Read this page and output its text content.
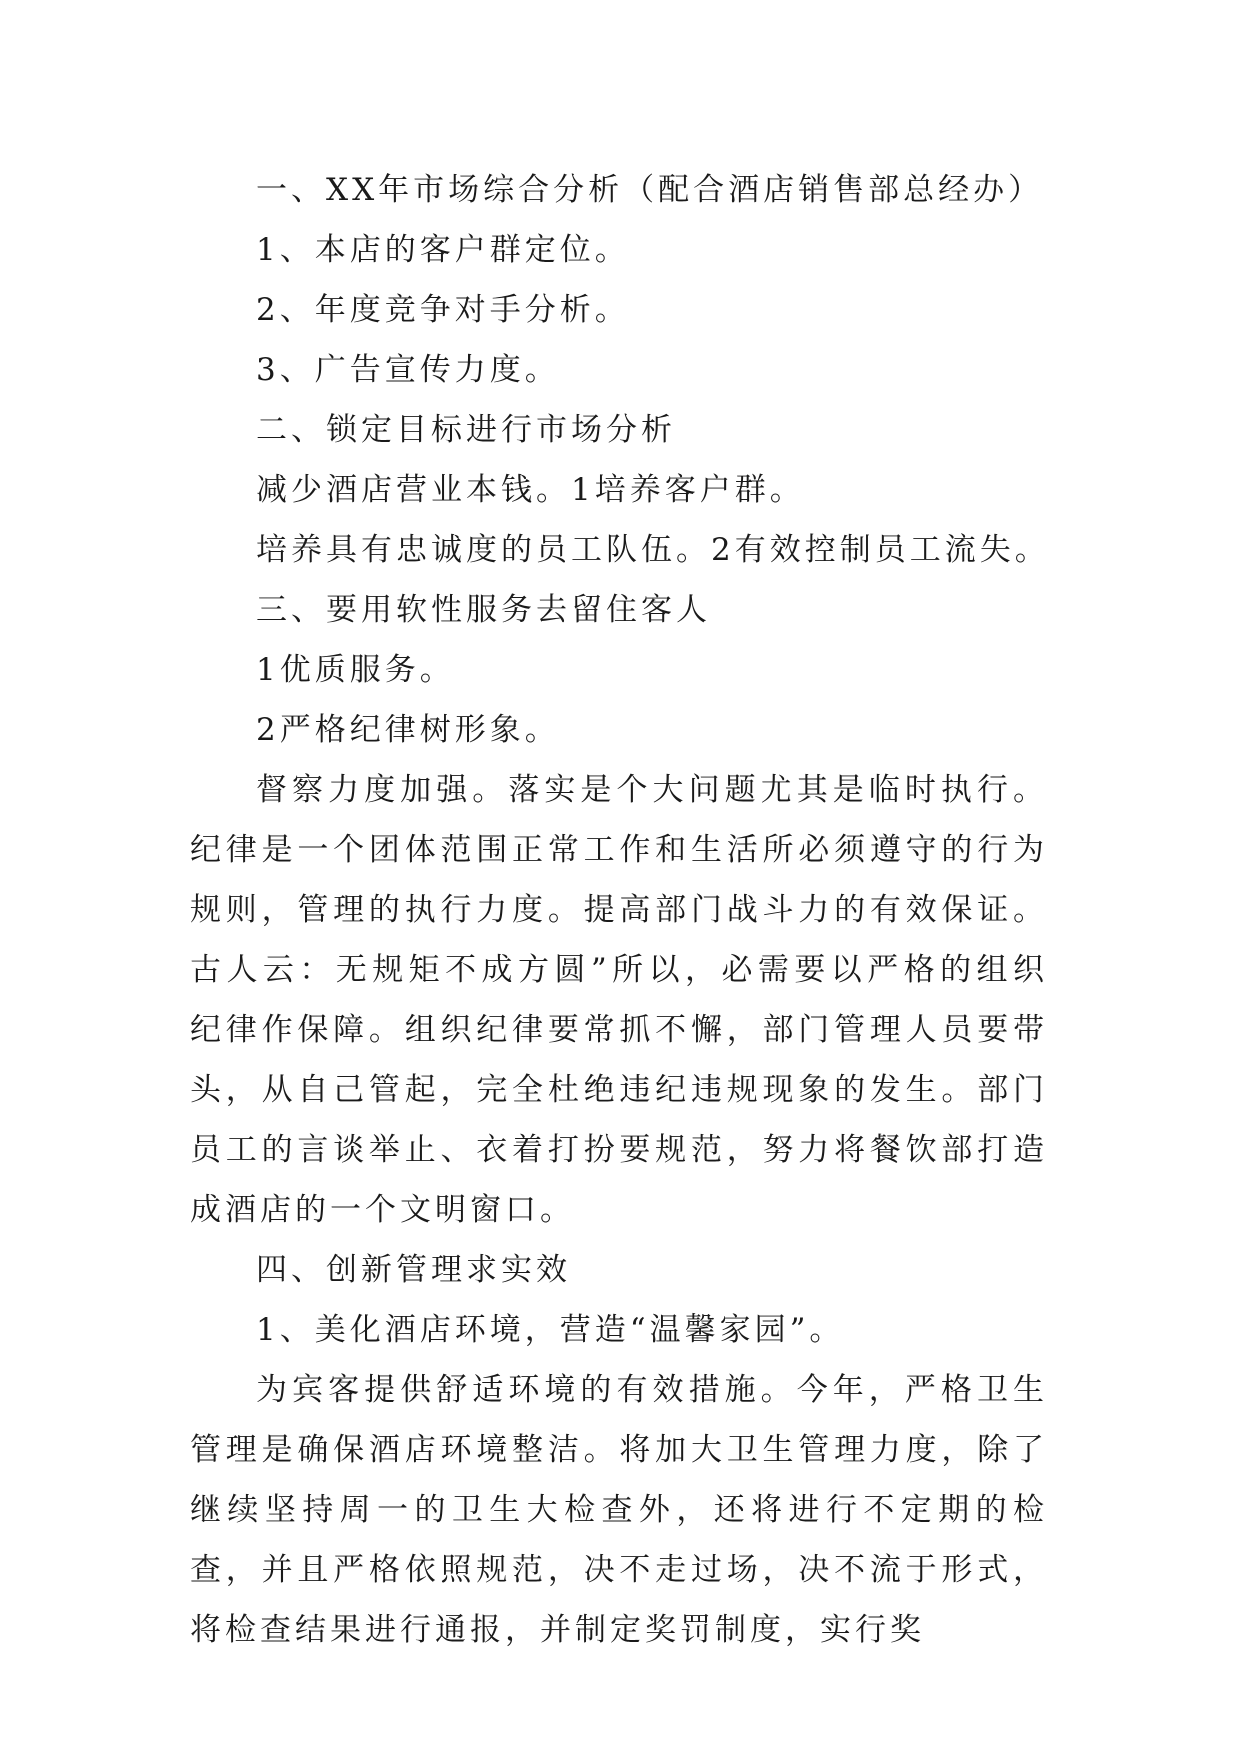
一、XX年市场综合分析（配合酒店销售部总经办）
1、本店的客户群定位。
2、年度竞争对手分析。
3、广告宣传力度。
二、锁定目标进行市场分析
减少酒店营业本钱。1培养客户群。
培养具有忠诚度的员工队伍。2有效控制员工流失。
三、要用软性服务去留住客人
1优质服务。
2严格纪律树形象。
督察力度加强。落实是个大问题尤其是临时执行。纪律是一个团体范围正常工作和生活所必须遵守的行为规则，管理的执行力度。提高部门战斗力的有效保证。古人云：无规矩不成方圆”所以，必需要以严格的组织纪律作保障。组织纪律要常抓不懈，部门管理人员要带头，从自己管起，完全杜绝违纪违规现象的发生。部门员工的言谈举止、衣着打扮要规范，努力将餐饮部打造成酒店的一个文明窗口。
四、创新管理求实效
1、美化酒店环境，营造“温馨家园”。
为宾客提供舒适环境的有效措施。今年，严格卫生管理是确保酒店环境整洁。将加大卫生管理力度，除了继续坚持周一的卫生大检查外，还将进行不定期的检查，并且严格依照规范，决不走过场，决不流于形式，将检查结果进行通报，并制定奖罚制度，实行奖
